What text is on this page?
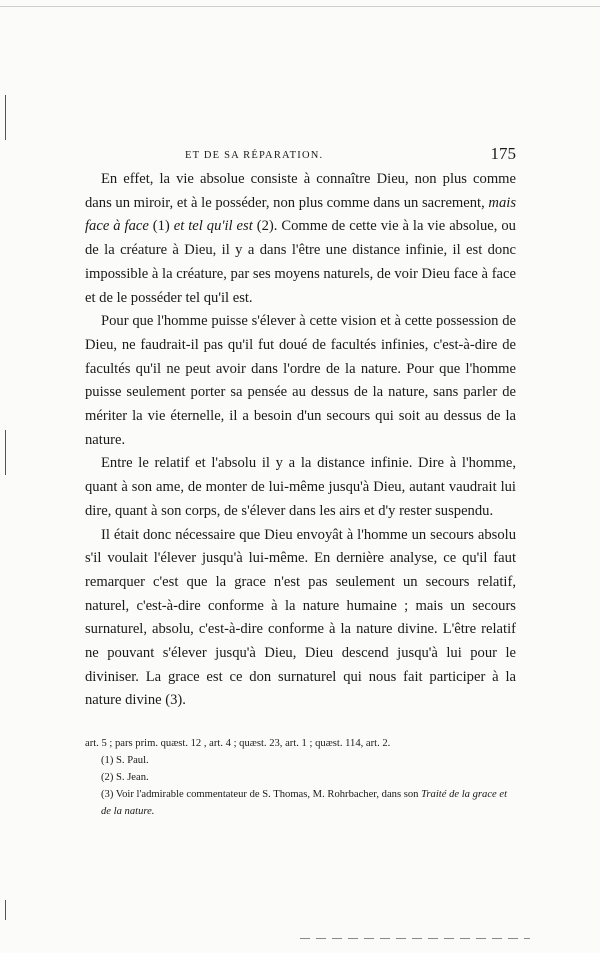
ET DE SA RÉPARATION.	175

En effet, la vie absolue consiste à connaître Dieu, non plus comme dans un miroir, et à le posséder, non plus comme dans un sacrement, mais face à face (1) et tel qu'il est (2). Comme de cette vie à la vie absolue, ou de la créature à Dieu, il y a dans l'être une distance infinie, il est donc impossible à la créature, par ses moyens naturels, de voir Dieu face à face et de le posséder tel qu'il est.

Pour que l'homme puisse s'élever à cette vision et à cette possession de Dieu, ne faudrait-il pas qu'il fut doué de facultés infinies, c'est-à-dire de facultés qu'il ne peut avoir dans l'ordre de la nature. Pour que l'homme puisse seulement porter sa pensée au dessus de la nature, sans parler de mériter la vie éternelle, il a besoin d'un secours qui soit au dessus de la nature.

Entre le relatif et l'absolu il y a la distance infinie. Dire à l'homme, quant à son ame, de monter de lui-même jusqu'à Dieu, autant vaudrait lui dire, quant à son corps, de s'élever dans les airs et d'y rester suspendu.

Il était donc nécessaire que Dieu envoyât à l'homme un secours absolu s'il voulait l'élever jusqu'à lui-même. En dernière analyse, ce qu'il faut remarquer c'est que la grace n'est pas seulement un secours relatif, naturel, c'est-à-dire conforme à la nature humaine ; mais un secours surnaturel, absolu, c'est-à-dire conforme à la nature divine. L'être relatif ne pouvant s'élever jusqu'à Dieu, Dieu descend jusqu'à lui pour le diviniser. La grace est ce don surnaturel qui nous fait participer à la nature divine (3).

art. 5 ; pars prim. quæst. 12 , art. 4 ; quæst. 23, art. 1 ; quæst. 114, art. 2.

(1) S. Paul.

(2) S. Jean.

(3) Voir l'admirable commentateur de S. Thomas, M. Rohrbacher, dans son Traité de la grace et de la nature.
